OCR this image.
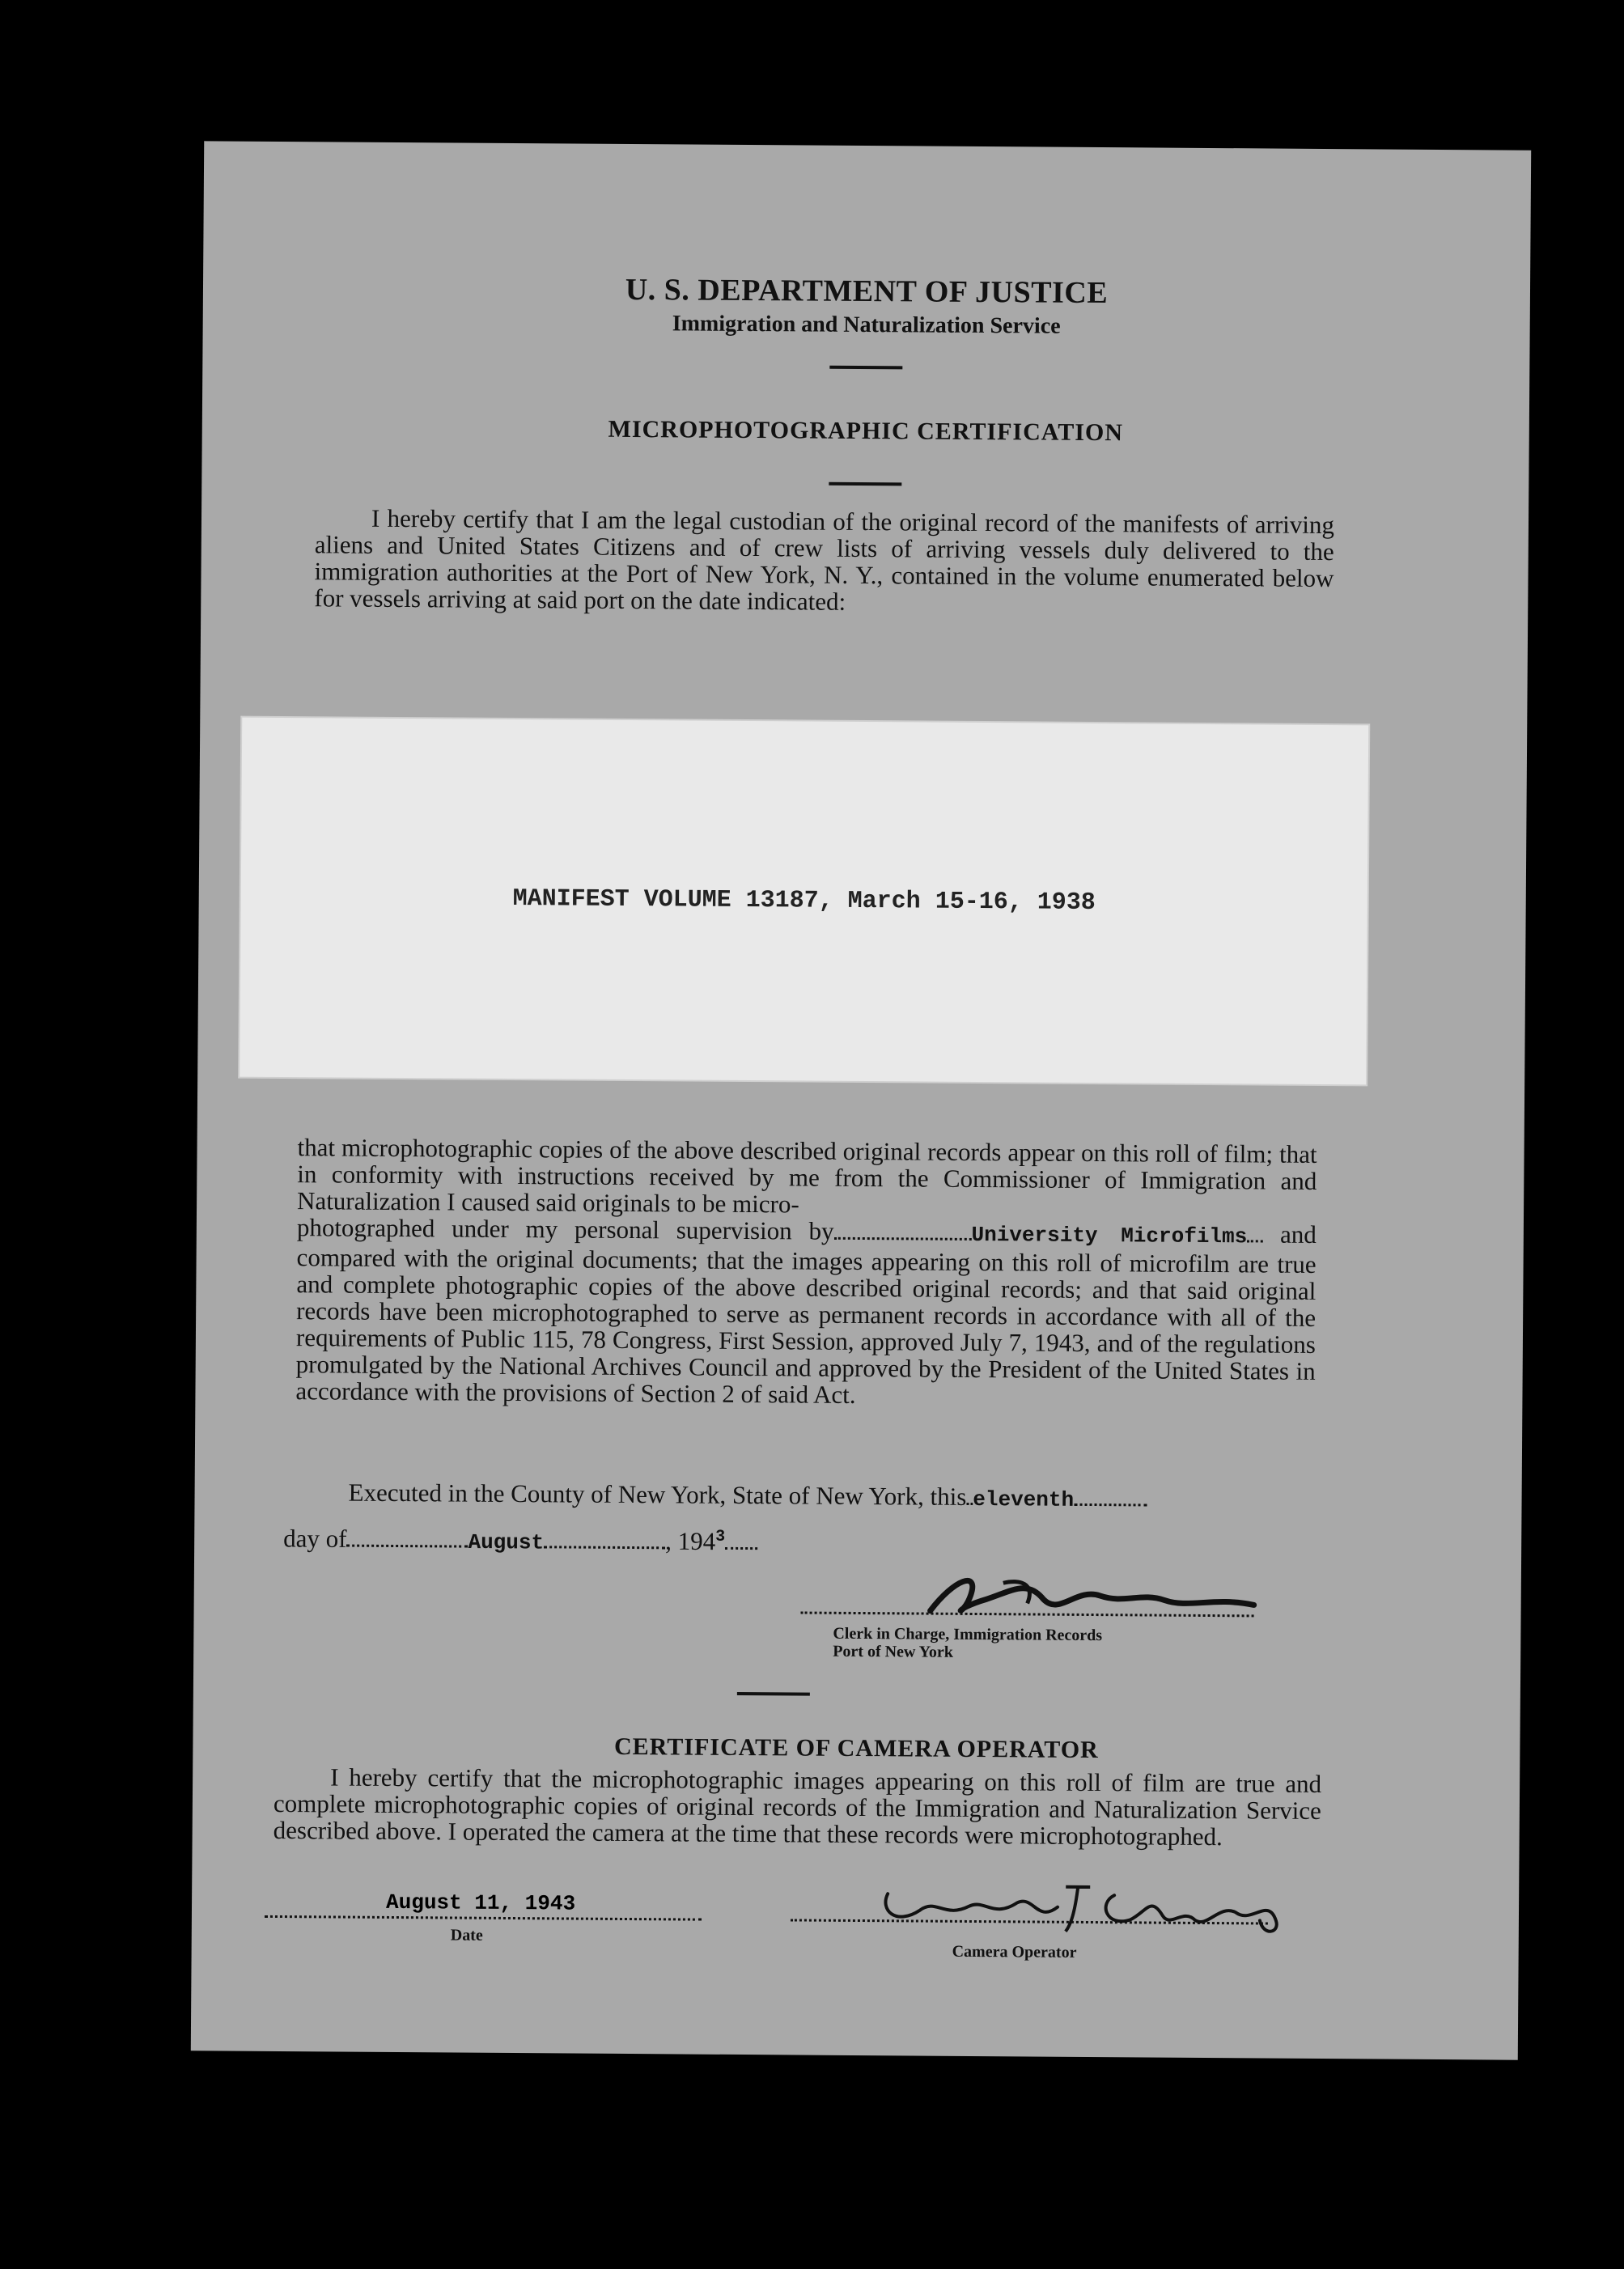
U. S. DEPARTMENT OF JUSTICE
Immigration and Naturalization Service
MICROPHOTOGRAPHIC CERTIFICATION
I hereby certify that I am the legal custodian of the original record of the manifests of arriving aliens and United States Citizens and of crew lists of arriving vessels duly delivered to the immigration authorities at the Port of New York, N. Y., contained in the volume enumerated below for vessels arriving at said port on the date indicated:
MANIFEST VOLUME 13187, March 15-16, 1938
that microphotographic copies of the above described original records appear on this roll of film; that in conformity with instructions received by me from the Commissioner of Immigration and Naturalization I caused said originals to be micro-
photographed under my personal supervision by	University Microfilms and compared with the original documents; that the images appearing on this roll of microfilm are true and complete photographic copies of the above described original records; and that said original records have been microphotographed to serve as permanent records in accordance with all of the requirements of Public 115, 78 Congress, First Session, approved July 7, 1943, and of the regulations promulgated by the National Archives Council and approved by the President of the United States in accordance with the provisions of Section 2 of said Act.
Executed in the County of New York, State of New York, this eleventh
day of	August	, $194^3$
Clerk in Charge, Immigration Records
Port of New York
CERTIFICATE OF CAMERA OPERATOR
I hereby certify that the microphotographic images appearing on this roll of film are true and complete microphotographic copies of original records of the Immigration and Naturalization Service described above. I operated the camera at the time that these records were microphotographed.
August 11, 1943
Date
Camera Operator
